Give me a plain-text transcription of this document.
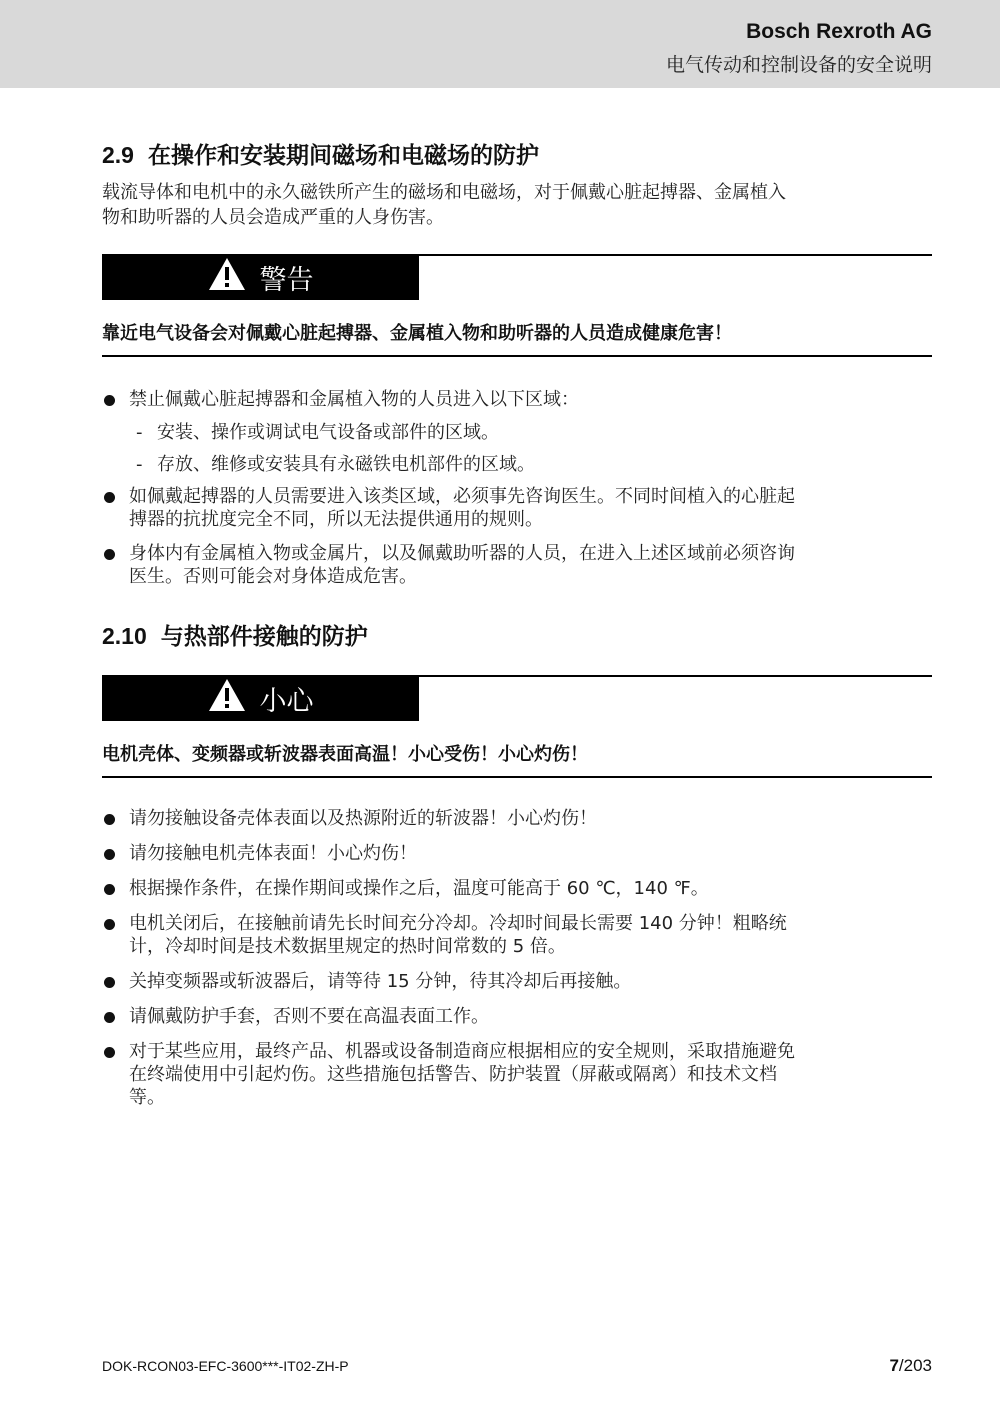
Bosch Rexroth AG
电气传动和控制设备的安全说明
2.9 在操作和安装期间磁场和电磁场的防护
载流导体和电机中的永久磁铁所产生的磁场和电磁场，对于佩戴心脏起搏器、金属植入
物和助听器的人员会造成严重的人身伤害。
警告
靠近电气设备会对佩戴心脏起搏器、金属植入物和助听器的人员造成健康危害！
禁止佩戴心脏起搏器和金属植入物的人员进入以下区域：
- 安装、操作或调试电气设备或部件的区域。
- 存放、维修或安装具有永磁铁电机部件的区域。
如佩戴起搏器的人员需要进入该类区域，必须事先咨询医生。不同时间植入的心脏起
搏器的抗扰度完全不同，所以无法提供通用的规则。
身体内有金属植入物或金属片，以及佩戴助听器的人员，在进入上述区域前必须咨询
医生。否则可能会对身体造成危害。
2.10 与热部件接触的防护
小心
电机壳体、变频器或斩波器表面高温！小心受伤！小心灼伤！
请勿接触设备壳体表面以及热源附近的斩波器！小心灼伤！
请勿接触电机壳体表面！小心灼伤！
根据操作条件，在操作期间或操作之后，温度可能高于 60 ℃，140 ℉。
电机关闭后，在接触前请先长时间充分冷却。冷却时间最长需要 140 分钟！粗略统
计，冷却时间是技术数据里规定的热时间常数的 5 倍。
关掉变频器或斩波器后，请等待 15 分钟，待其冷却后再接触。
请佩戴防护手套，否则不要在高温表面工作。
对于某些应用，最终产品、机器或设备制造商应根据相应的安全规则，采取措施避免
在终端使用中引起灼伤。这些措施包括警告、防护装置（屏蔽或隔离）和技术文档
等。
DOK-RCON03-EFC-3600***-IT02-ZH-P	7/203
